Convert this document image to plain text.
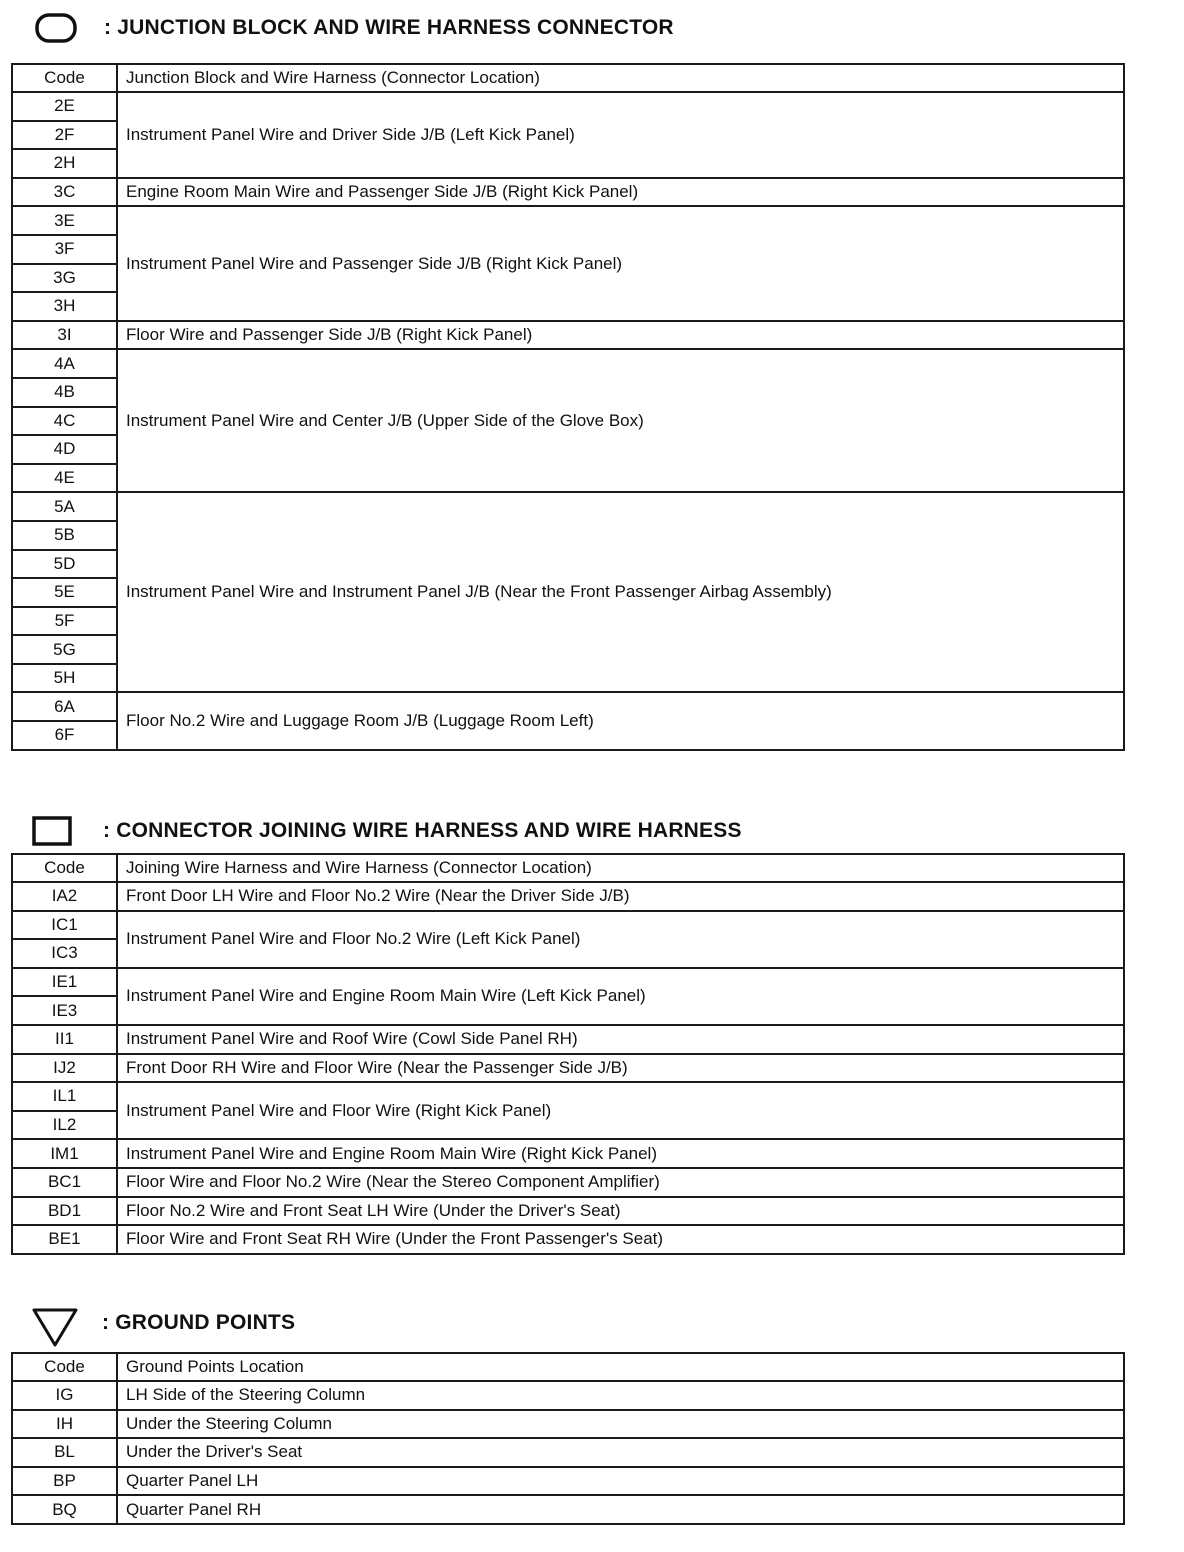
: JUNCTION BLOCK AND WIRE HARNESS CONNECTOR
Code	Junction Block and Wire Harness (Connector Location)
2E	Instrument Panel Wire and Driver Side J/B (Left Kick Panel)
2F	
2H	
3C	Engine Room Main Wire and Passenger Side J/B (Right Kick Panel)
3E	Instrument Panel Wire and Passenger Side J/B (Right Kick Panel)
3F	
3G	
3H	
3I	Floor Wire and Passenger Side J/B (Right Kick Panel)
4A	Instrument Panel Wire and Center J/B (Upper Side of the Glove Box)
4B	
4C	
4D	
4E	
5A	Instrument Panel Wire and Instrument Panel J/B (Near the Front Passenger Airbag Assembly)
5B	
5D	
5E	
5F	
5G	
5H	
6A	Floor No.2 Wire and Luggage Room J/B (Luggage Room Left)
6F	
: CONNECTOR JOINING WIRE HARNESS AND WIRE HARNESS
Code	Joining Wire Harness and Wire Harness (Connector Location)
IA2	Front Door LH Wire and Floor No.2 Wire (Near the Driver Side J/B)
IC1	Instrument Panel Wire and Floor No.2 Wire (Left Kick Panel)
IC3	
IE1	Instrument Panel Wire and Engine Room Main Wire (Left Kick Panel)
IE3	
II1	Instrument Panel Wire and Roof Wire (Cowl Side Panel RH)
IJ2	Front Door RH Wire and Floor Wire (Near the Passenger Side J/B)
IL1	Instrument Panel Wire and Floor Wire (Right Kick Panel)
IL2	
IM1	Instrument Panel Wire and Engine Room Main Wire (Right Kick Panel)
BC1	Floor Wire and Floor No.2 Wire (Near the Stereo Component Amplifier)
BD1	Floor No.2 Wire and Front Seat LH Wire (Under the Driver's Seat)
BE1	Floor Wire and Front Seat RH Wire (Under the Front Passenger's Seat)
: GROUND POINTS
Code	Ground Points Location
IG	LH Side of the Steering Column
IH	Under the Steering Column
BL	Under the Driver's Seat
BP	Quarter Panel LH
BQ	Quarter Panel RH
